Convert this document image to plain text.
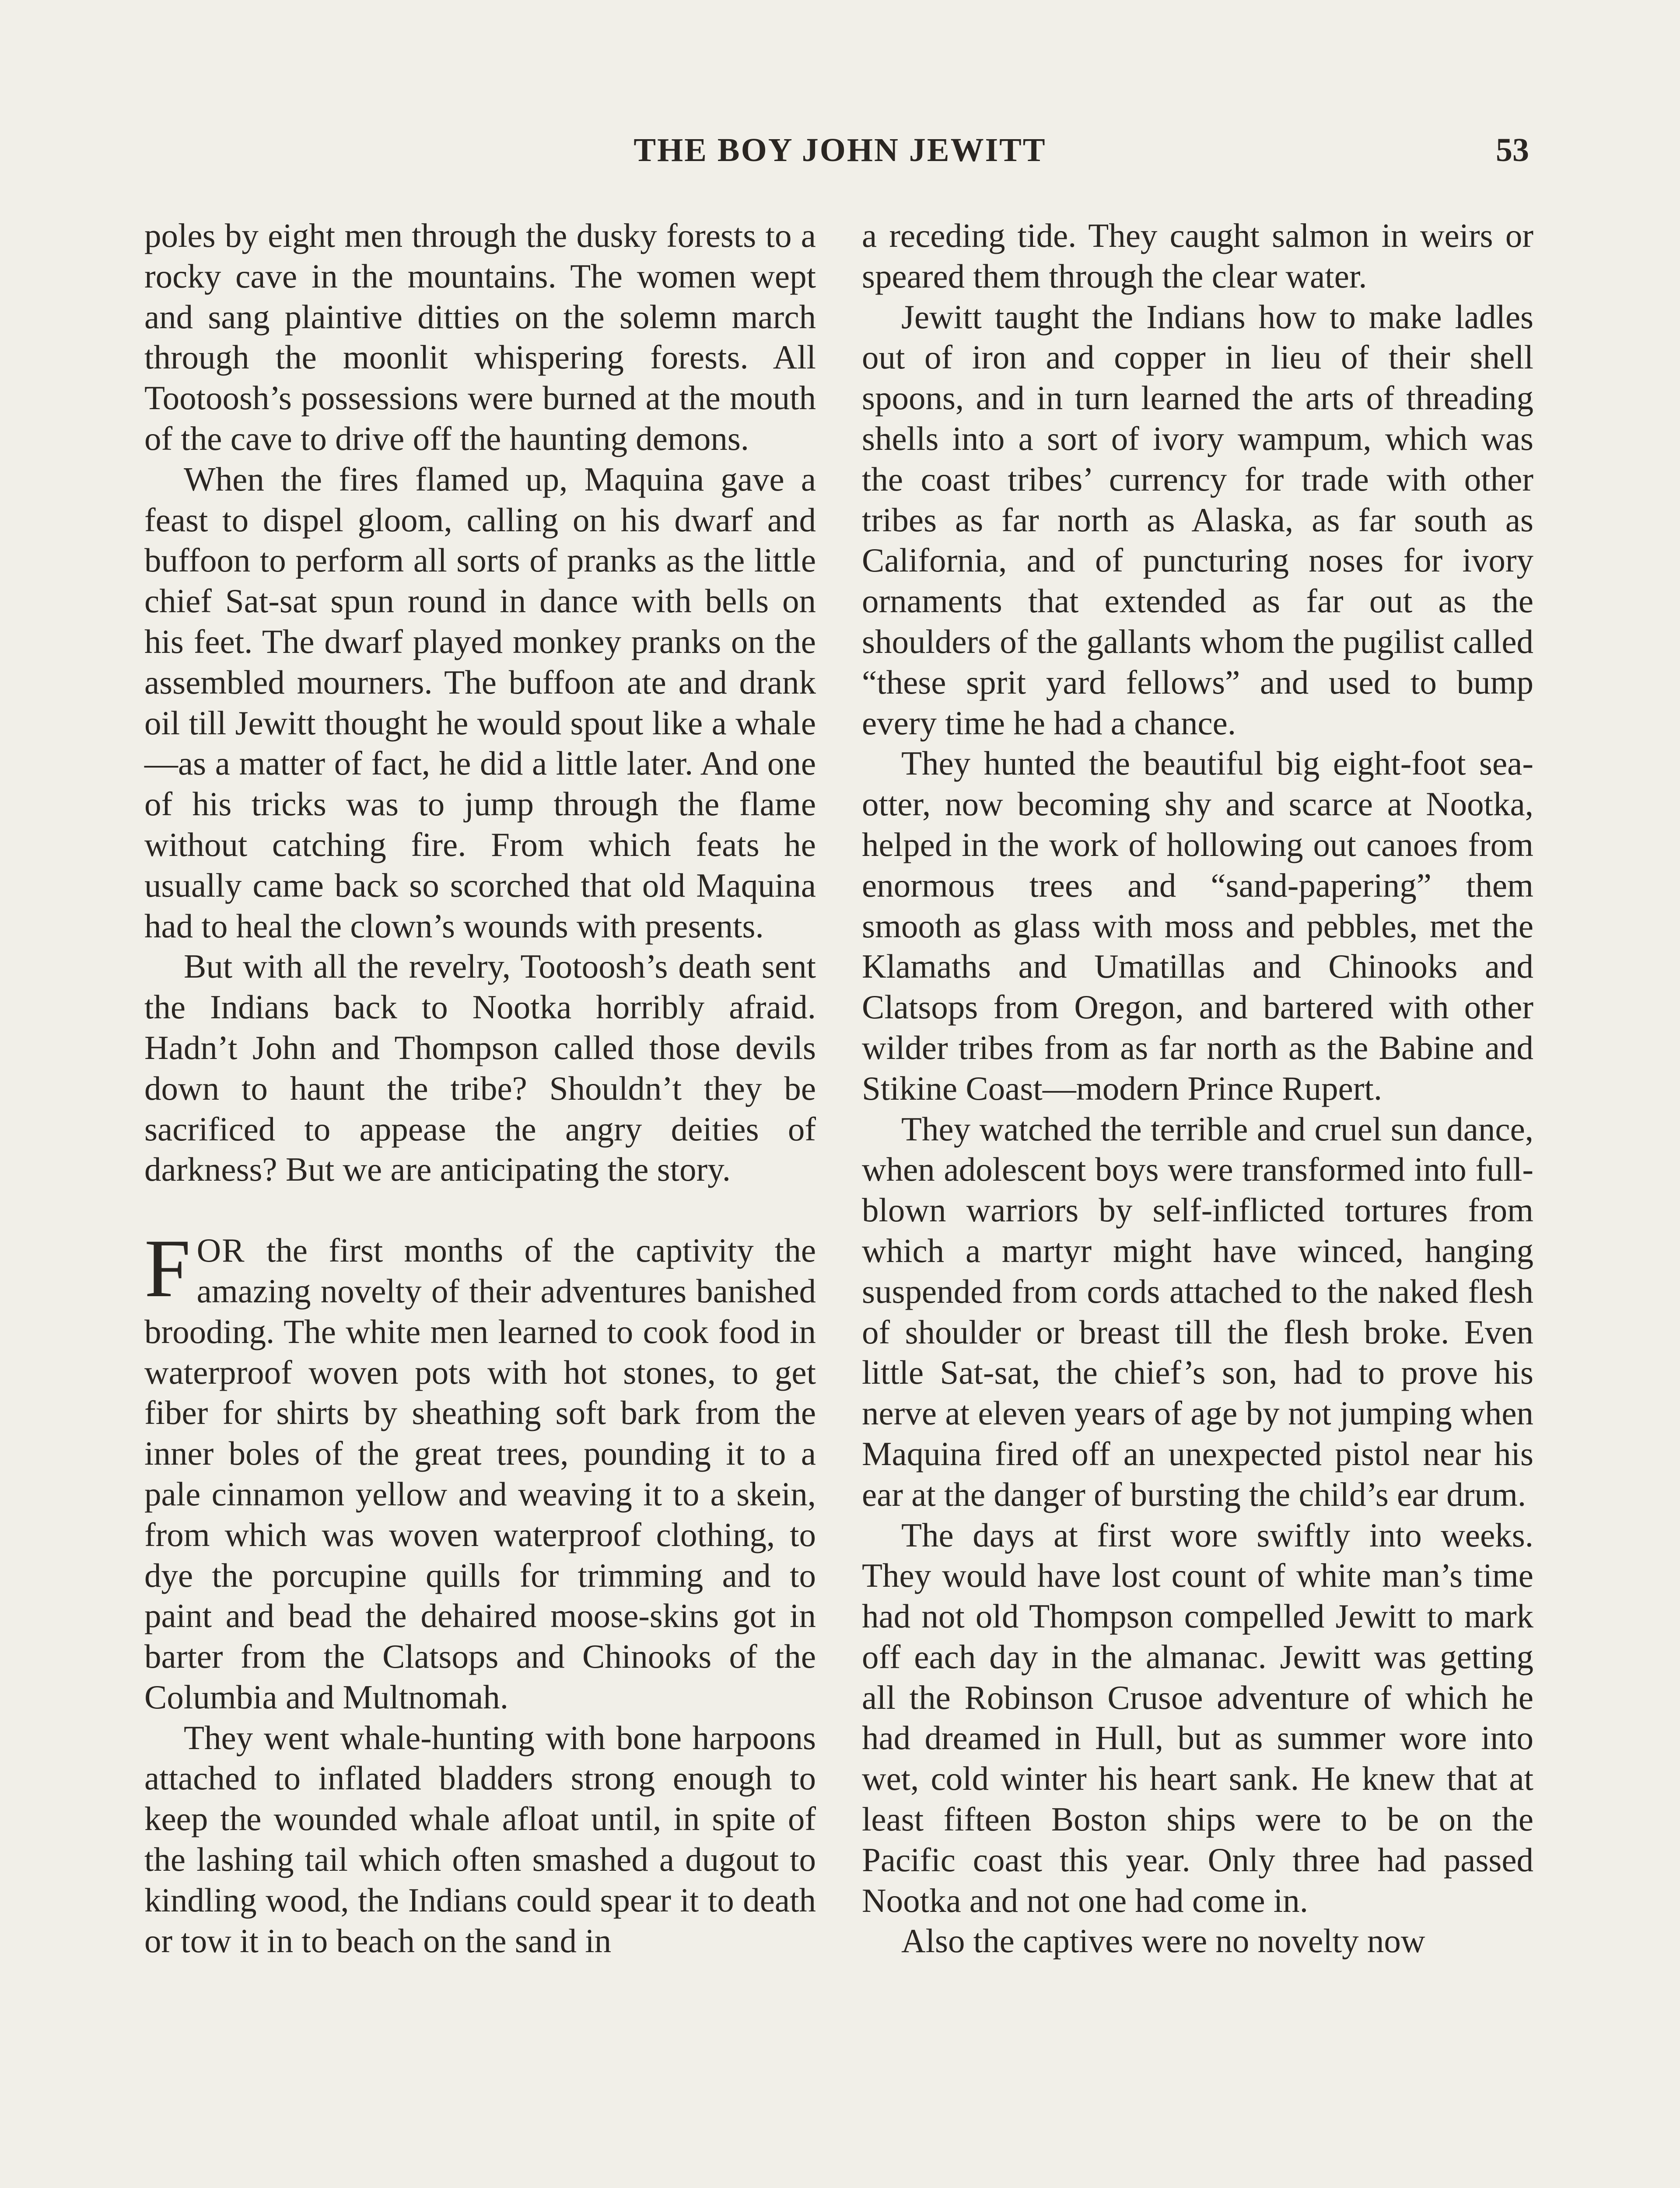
THE BOY JOHN JEWITT	53

poles by eight men through the dusky forests to a rocky cave in the mountains. The women wept and sang plaintive ditties on the solemn march through the moonlit whispering forests. All Tootoosh’s possessions were burned at the mouth of the cave to drive off the haunting demons.

When the fires flamed up, Maquina gave a feast to dispel gloom, calling on his dwarf and buffoon to perform all sorts of pranks as the little chief Sat-sat spun round in dance with bells on his feet. The dwarf played monkey pranks on the assembled mourners. The buffoon ate and drank oil till Jewitt thought he would spout like a whale—as a matter of fact, he did a little later. And one of his tricks was to jump through the flame without catching fire. From which feats he usually came back so scorched that old Maquina had to heal the clown’s wounds with presents.

But with all the revelry, Tootoosh’s death sent the Indians back to Nootka horribly afraid. Hadn’t John and Thompson called those devils down to haunt the tribe? Shouldn’t they be sacrificed to appease the angry deities of darkness? But we are anticipating the story.

FOR the first months of the captivity the amazing novelty of their adventures banished brooding. The white men learned to cook food in waterproof woven pots with hot stones, to get fiber for shirts by sheathing soft bark from the inner boles of the great trees, pounding it to a pale cinnamon yellow and weaving it to a skein, from which was woven waterproof clothing, to dye the porcupine quills for trimming and to paint and bead the dehaired moose-skins got in barter from the Clatsops and Chinooks of the Columbia and Multnomah.

They went whale-hunting with bone harpoons attached to inflated bladders strong enough to keep the wounded whale afloat until, in spite of the lashing tail which often smashed a dugout to kindling wood, the Indians could spear it to death or tow it in to beach on the sand in

a receding tide. They caught salmon in weirs or speared them through the clear water.

Jewitt taught the Indians how to make ladles out of iron and copper in lieu of their shell spoons, and in turn learned the arts of threading shells into a sort of ivory wampum, which was the coast tribes’ currency for trade with other tribes as far north as Alaska, as far south as California, and of puncturing noses for ivory ornaments that extended as far out as the shoulders of the gallants whom the pugilist called “these sprit yard fellows” and used to bump every time he had a chance.

They hunted the beautiful big eight-foot sea-otter, now becoming shy and scarce at Nootka, helped in the work of hollowing out canoes from enormous trees and “sand-papering” them smooth as glass with moss and pebbles, met the Klamaths and Umatillas and Chinooks and Clatsops from Oregon, and bartered with other wilder tribes from as far north as the Babine and Stikine Coast—modern Prince Rupert.

They watched the terrible and cruel sun dance, when adolescent boys were transformed into full-blown warriors by self-inflicted tortures from which a martyr might have winced, hanging suspended from cords attached to the naked flesh of shoulder or breast till the flesh broke. Even little Sat-sat, the chief’s son, had to prove his nerve at eleven years of age by not jumping when Maquina fired off an unexpected pistol near his ear at the danger of bursting the child’s ear drum.

The days at first wore swiftly into weeks. They would have lost count of white man’s time had not old Thompson compelled Jewitt to mark off each day in the almanac. Jewitt was getting all the Robinson Crusoe adventure of which he had dreamed in Hull, but as summer wore into wet, cold winter his heart sank. He knew that at least fifteen Boston ships were to be on the Pacific coast this year. Only three had passed Nootka and not one had come in.

Also the captives were no novelty now
